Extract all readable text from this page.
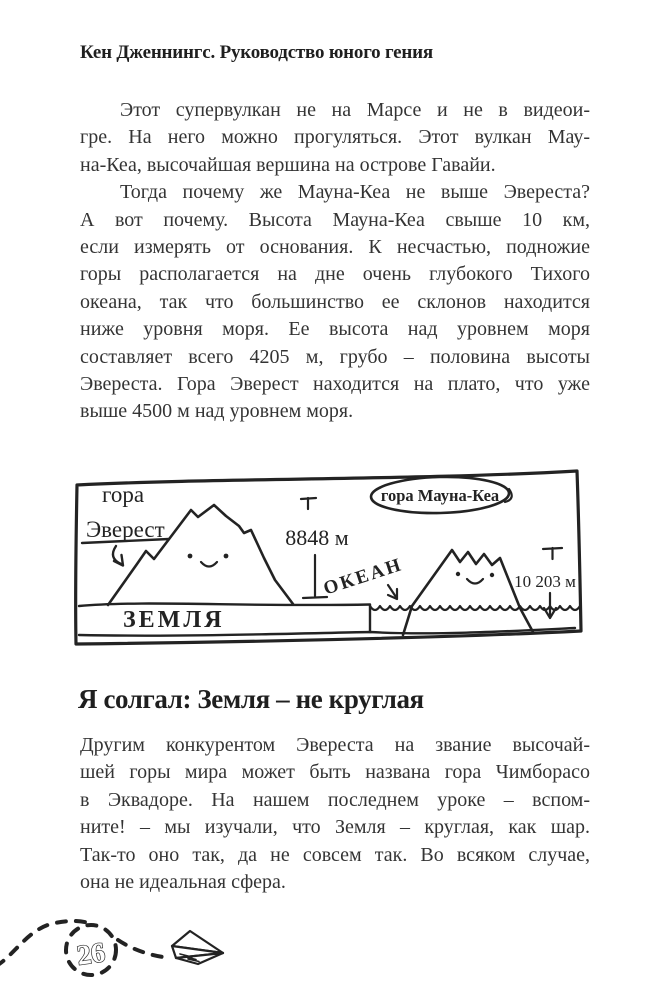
Кен Дженнингс. Руководство юного гения
Этот супервулкан не на Марсе и не в видеои-
гре. На него можно прогуляться. Этот вулкан Мау-
на-Кеа, высочайшая вершина на острове Гавайи.
Тогда почему же Мауна-Кеа не выше Эвереста?
А вот почему. Высота Мауна-Кеа свыше 10 км,
если измерять от основания. К несчастью, подножие
горы располагается на дне очень глубокого Тихого
океана, так что большинство ее склонов находится
ниже уровня моря. Ее высота над уровнем моря
составляет всего 4205 м, грубо – половина высоты
Эвереста. Гора Эверест находится на плато, что уже
выше 4500 м над уровнем моря.
ЗЕМЛЯ
гора
Эверест	8848 м
ОКЕАН
гора Мауна-Кеа
10 203 м
Я солгал: Земля – не круглая
Другим конкурентом Эвереста на звание высочай-
шей горы мира может быть названа гора Чимборасо
в Эквадоре. На нашем последнем уроке – вспом-
ните! – мы изучали, что Земля – круглая, как шар.
Так-то оно так, да не совсем так. Во всяком случае,
она не идеальная сфера.
26
